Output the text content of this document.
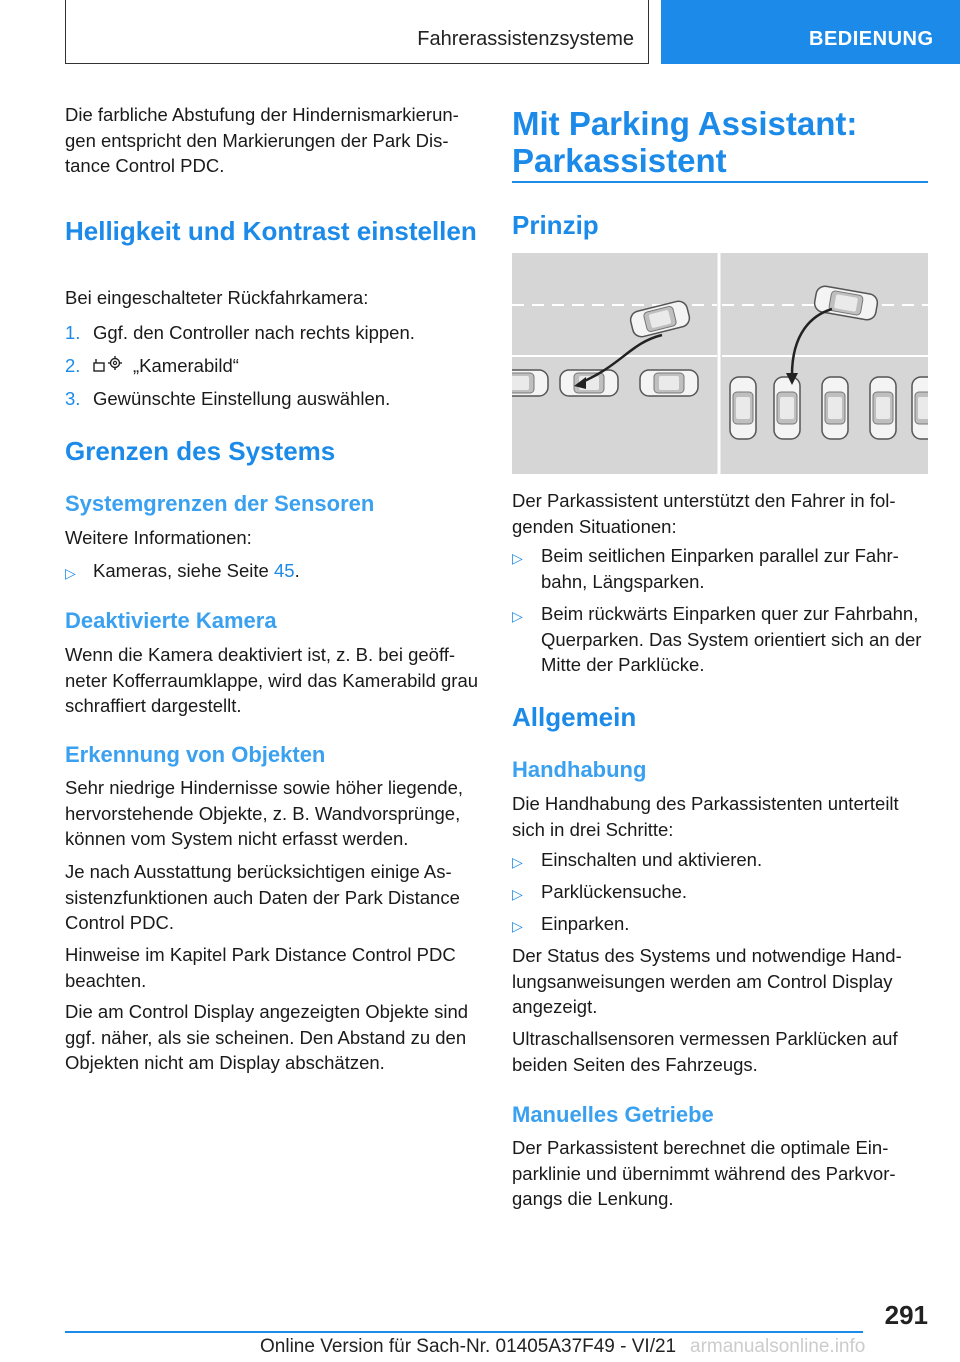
Fahrerassistenzsysteme	BEDIENUNG

Die farbliche Abstufung der Hindernismarkierun-gen entspricht den Markierungen der Park Dis-tance Control PDC.

Helligkeit und Kontrast einstellen

Bei eingeschalteter Rückfahrkamera:

1. Ggf. den Controller nach rechts kippen.
2.	„Kamerabild“
3. Gewünschte Einstellung auswählen.
Grenzen des Systems
Systemgrenzen der Sensoren

Weitere Informationen:

▷ Kameras, siehe Seite 45.
Deaktivierte Kamera

Wenn die Kamera deaktiviert ist, z. B. bei geöff-neter Kofferraumklappe, wird das Kamerabild grau schraffiert dargestellt.

Erkennung von Objekten

Sehr niedrige Hindernisse sowie höher liegende, hervorstehende Objekte, z. B. Wandvorsprünge, können vom System nicht erfasst werden.

Je nach Ausstattung berücksichtigen einige As-sistenzfunktionen auch Daten der Park Distance Control PDC.

Hinweise im Kapitel Park Distance Control PDC beachten.

Die am Control Display angezeigten Objekte sind ggf. näher, als sie scheinen. Den Abstand zu den Objekten nicht am Display abschätzen.

Mit Parking Assistant: Parkassistent
Prinzip

Der Parkassistent unterstützt den Fahrer in fol-genden Situationen:

▷ Beim seitlichen Einparken parallel zur Fahr-bahn, Längsparken.
▷ Beim rückwärts Einparken quer zur Fahrbahn, Querparken. Das System orientiert sich an der Mitte der Parklücke.
Allgemein
Handhabung

Die Handhabung des Parkassistenten unterteilt sich in drei Schritte:

▷ Einschalten und aktivieren.
▷ Parklückensuche.
▷ Einparken.

Der Status des Systems und notwendige Hand-lungsanweisungen werden am Control Display angezeigt.

Ultraschallsensoren vermessen Parklücken auf beiden Seiten des Fahrzeugs.

Manuelles Getriebe

Der Parkassistent berechnet die optimale Ein-parklinie und übernimmt während des Parkvor-gangs die Lenkung.

291
Online Version für Sach-Nr. 01405A37F49 - VI/21 armanualsonline.info
